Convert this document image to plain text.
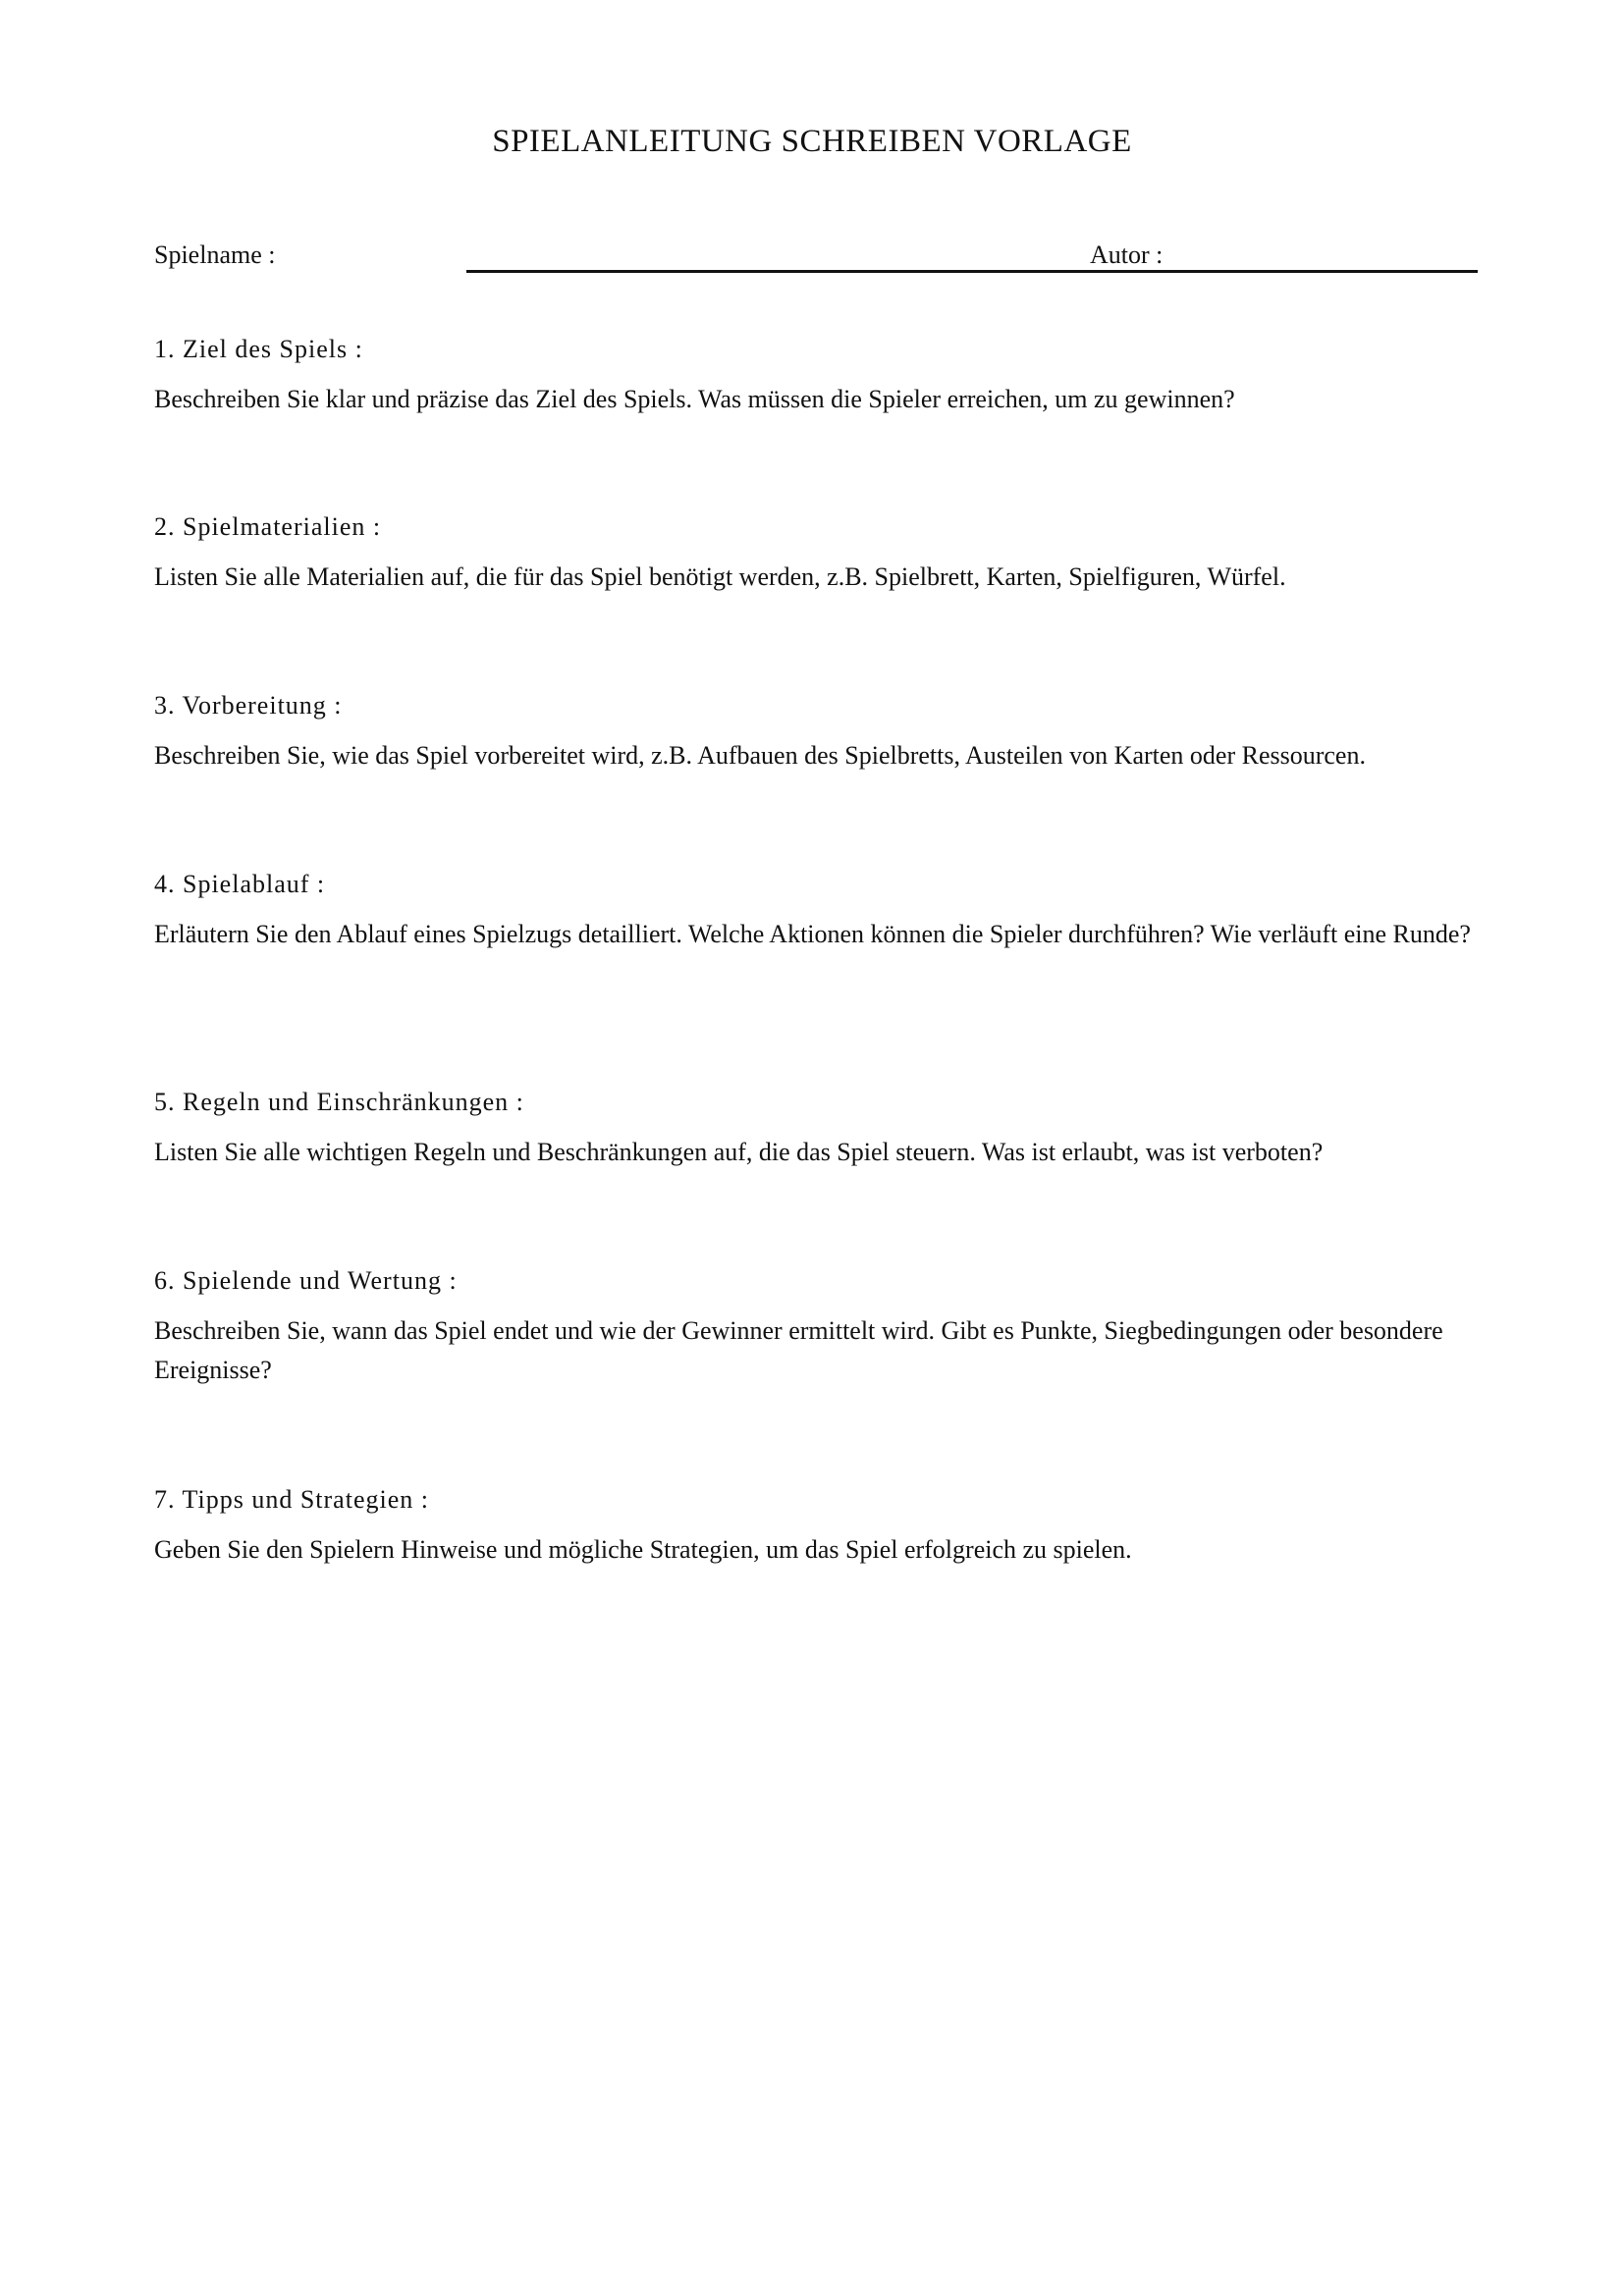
SPIELANLEITUNG SCHREIBEN VORLAGE
Spielname :	Autor :
1. Ziel des Spiels :

Beschreiben Sie klar und präzise das Ziel des Spiels. Was müssen die Spieler erreichen, um zu gewinnen?

2. Spielmaterialien :

Listen Sie alle Materialien auf, die für das Spiel benötigt werden, z.B. Spielbrett, Karten, Spielfiguren, Würfel.

3. Vorbereitung :

Beschreiben Sie, wie das Spiel vorbereitet wird, z.B. Aufbauen des Spielbretts, Austeilen von Karten oder Ressourcen.

4. Spielablauf :

Erläutern Sie den Ablauf eines Spielzugs detailliert. Welche Aktionen können die Spieler durchführen? Wie verläuft eine Runde?

5. Regeln und Einschränkungen :

Listen Sie alle wichtigen Regeln und Beschränkungen auf, die das Spiel steuern. Was ist erlaubt, was ist verboten?

6. Spielende und Wertung :

Beschreiben Sie, wann das Spiel endet und wie der Gewinner ermittelt wird. Gibt es Punkte, Siegbedingungen oder besondere Ereignisse?

7. Tipps und Strategien :

Geben Sie den Spielern Hinweise und mögliche Strategien, um das Spiel erfolgreich zu spielen.
